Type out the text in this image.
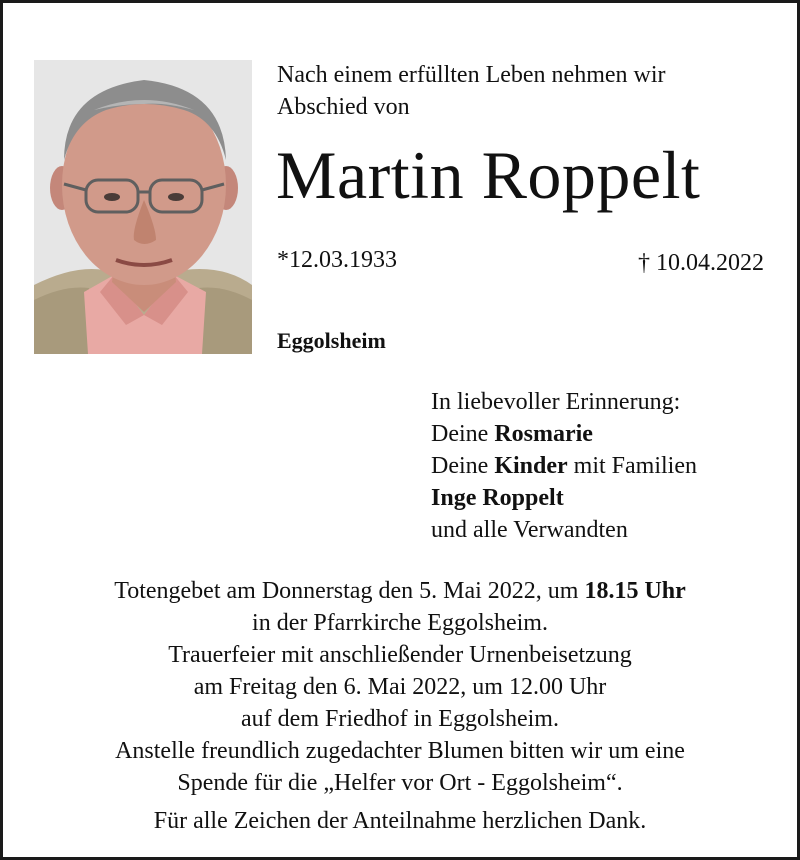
Nach einem erfüllten Leben nehmen wir
Abschied von
Martin Roppelt
*12.03.1933	† 10.04.2022
Eggolsheim
In liebevoller Erinnerung:
Deine Rosmarie
Deine Kinder mit Familien
Inge Roppelt
und alle Verwandten
Totengebet am Donnerstag den 5. Mai 2022, um 18.15 Uhr
in der Pfarrkirche Eggolsheim.
Trauerfeier mit anschließender Urnenbeisetzung
am Freitag den 6. Mai 2022, um 12.00 Uhr
auf dem Friedhof in Eggolsheim.
Anstelle freundlich zugedachter Blumen bitten wir um eine
Spende für die „Helfer vor Ort - Eggolsheim“.
Für alle Zeichen der Anteilnahme herzlichen Dank.
